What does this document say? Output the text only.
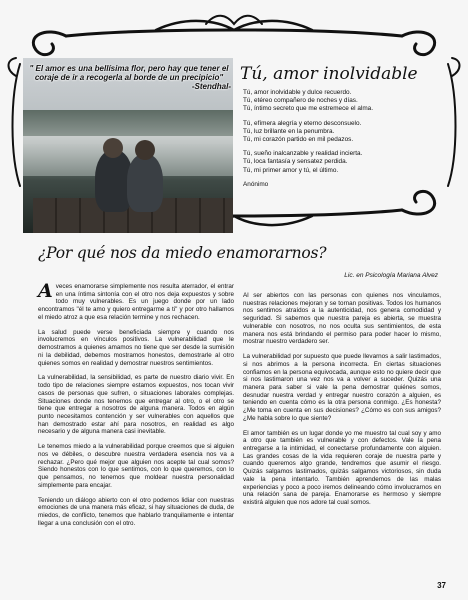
" El amor es una bellísima flor, pero hay que tener el coraje de ir a recogerla al borde de un precipicio"
-Stendhal-
Tú, amor inolvidable
Tú, amor inolvidable y dulce recuerdo.
Tú, etéreo compañero de noches y días.
Tú, íntimo secreto que me estremece el alma.
Tú, efímera alegría y eterno desconsuelo.
Tú, luz brillante en la penumbra.
Tú, mi corazón partido en mil pedazos.
Tú, sueño inalcanzable y realidad incierta.
Tú, loca fantasía y sensatez perdida.
Tú, mi primer amor y tú, el último.
Anónimo
¿Por qué nos da miedo enamorarnos?
Lic. en Psicología Mariana Alvez

Aveces enamorarse simplemente nos resulta aterrador, el entrar en una íntima sintonía con el otro nos deja expuestos y sobre todo muy vulnerables. Es un juego donde por un lado encontramos "él te amo y quiero entregarme a ti" y por otro hallamos el miedo atroz a que esa relación termine y nos rechacen.

La salud puede verse beneficiada siempre y cuando nos involucremos en vínculos positivos. La vulnerabilidad que le demostramos a quienes amamos no tiene que ser desde la sumisión ni la debilidad, debemos mostramos honestos, demostrarle al otro quienes somos en realidad y demostrar nuestros sentimientos.

La vulnerabilidad, la sensibilidad, es parte de nuestro diario vivir. En todo tipo de relaciones siempre estamos expuestos, nos tocan vivir casos de personas que sufren, o situaciones laborales complejas. Situaciones donde nos tenemos que entregar al otro, o el otro se tiene que entregar a nosotros de alguna manera. Todos en algún punto necesitamos contención y ser vulnerables con aquellos que han demostrado estar ahí para nosotros, en realidad es algo necesario y de alguna manera casi inevitable.

Le tenemos miedo a la vulnerabilidad porque creemos que si alguien nos ve débiles, o descubre nuestra verdadera esencia nos va a rechazar. ¿Pero qué mejor que alguien nos acepte tal cual somos? Siendo honestos con lo que sentimos, con lo que queremos, con lo que pensamos, no tenemos que moldear nuestra personalidad simplemente para encajar.

Teniendo un diálogo abierto con el otro podemos lidiar con nuestras emociones de una manera más eficaz, si hay situaciones de duda, de miedos, de conflicto, tenemos que hablarlo tranquilamente e intentar llegar a una conclusión con el otro.

Al ser abiertos con las personas con quienes nos vinculamos, nuestras relaciones mejoran y se tornan positivas. Todos los humanos nos sentimos atraídos a la autenticidad, nos genera comodidad y seguridad. Si sabemos que nuestra pareja es abierta, se muestra vulnerable con nosotros, no nos oculta sus sentimientos, de esta manera nos está brindando el permiso para poder hacer lo mismo, mostrar nuestro verdadero ser.

La vulnerabilidad por supuesto que puede llevarnos a salir lastimados, si nos abrimos a la persona incorrecta. En ciertas situaciones confiamos en la persona equivocada, aunque esto no quiere decir que si nos lastimaron una vez nos va a volver a suceder. Quizás una manera para saber si vale la pena demostrar quiénes somos, desnudar nuestra verdad y entregar nuestro corazón a alguien, es teniendo en cuenta cómo es la otra persona conmigo. ¿Es honesta? ¿Me toma en cuenta en sus decisiones? ¿Cómo es con sus amigos? ¿Me habla sobre lo que siente?

El amor también es un lugar donde yo me muestro tal cual soy y amo a otro que también es vulnerable y con defectos. Vale la pena entregarse a la intimidad, el conectarse profundamente con alguien. Las grandes cosas de la vida requieren coraje de nuestra parte y cuando queremos algo grande, tendremos que asumir el riesgo. Quizás salgamos lastimados, quizás salgamos victoriosos, sin duda vale la pena intentarlo. También aprendemos de las malas experiencias y poco a poco iremos delineando cómo involucrarnos en una relación sana de pareja. Enamorarse es hermoso y siempre existirá alguien que nos adore tal cual somos.

37
